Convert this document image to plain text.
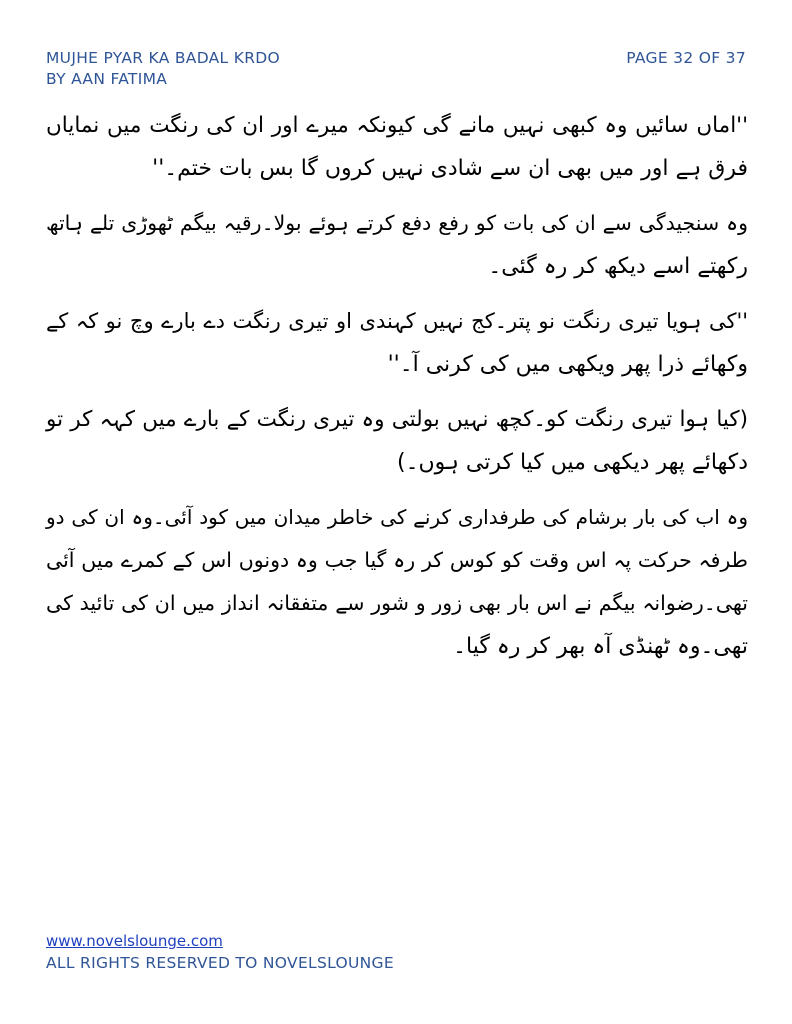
MUJHE PYAR KA BADAL KRDO
BY AAN FATIMA
PAGE 32 OF 37
''اماں سائیں وہ کبھی نہیں مانے گی کیونکہ میرے اور ان کی رنگت میں نمایاں
فرق ہے اور میں بھی ان سے شادی نہیں کروں گا بس بات ختم۔''
وہ سنجیدگی سے ان کی بات کو رفع دفع کرتے ہوئے بولا۔رقیہ بیگم ٹھوڑی تلے ہاتھ
رکھتے اسے دیکھ کر رہ گئی۔
''کی ہویا تیری رنگت نو پتر۔کج نہیں کہندی او تیری رنگت دے بارے وچ نو کہ کے
وکھائے ذرا پھر ویکھی میں کی کرنی آ۔''
(کیا ہوا تیری رنگت کو۔کچھ نہیں بولتی وہ تیری رنگت کے بارے میں کہہ کر تو
دکھائے پھر دیکھی میں کیا کرتی ہوں۔)
وہ اب کی بار برشام کی طرفداری کرنے کی خاطر میدان میں کود آئی۔وہ ان کی دو
طرفہ حرکت پہ اس وقت کو کوس کر رہ گیا جب وہ دونوں اس کے کمرے میں آئی
تھی۔رضوانہ بیگم نے اس بار بھی زور و شور سے متفقانہ انداز میں ان کی تائید کی
تھی۔وہ ٹھنڈی آہ بھر کر رہ گیا۔
www.novelslounge.com
ALL RIGHTS RESERVED TO NOVELSLOUNGE
